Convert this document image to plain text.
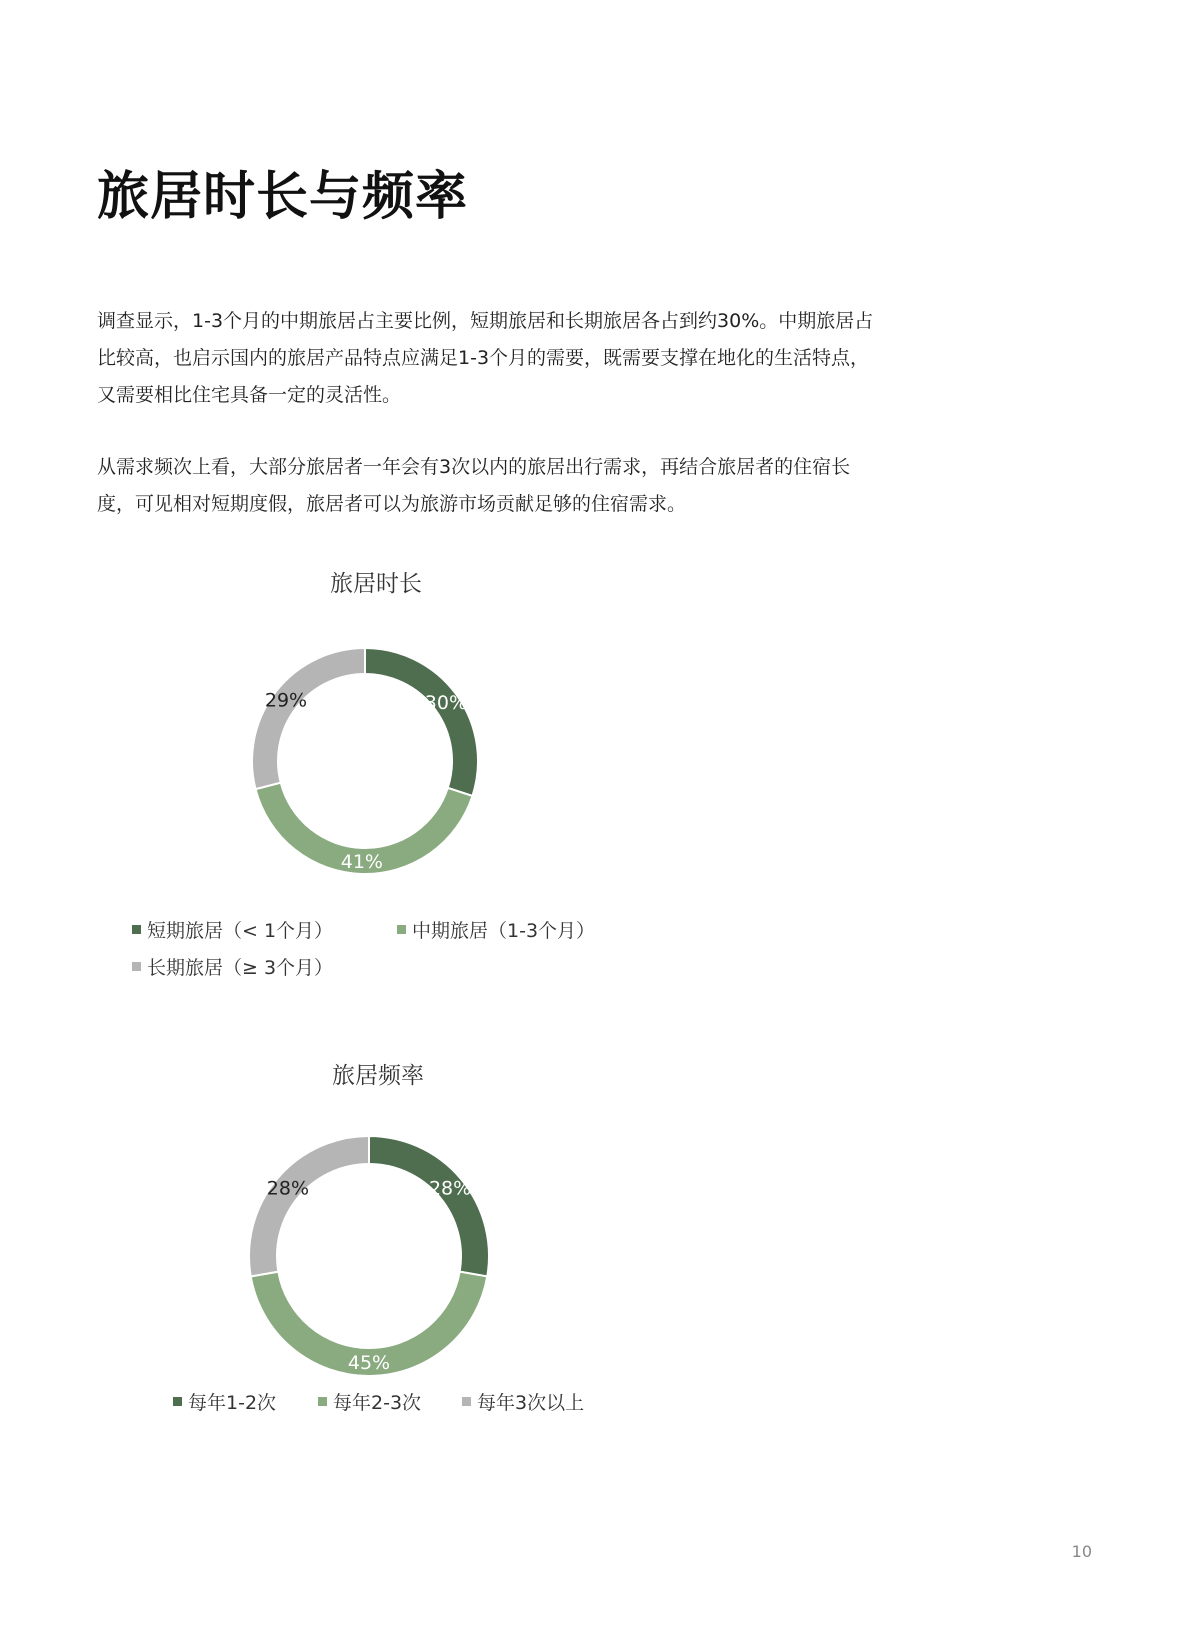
旅居时长与频率

调查显示，1-3个月的中期旅居占主要比例，短期旅居和长期旅居各占到约30%。中期旅居占比较高，也启示国内的旅居产品特点应满足1-3个月的需要，既需要支撑在地化的生活特点，又需要相比住宅具备一定的灵活性。

从需求频次上看，大部分旅居者一年会有3次以内的旅居出行需求，再结合旅居者的住宿长度，可见相对短期度假，旅居者可以为旅游市场贡献足够的住宿需求。

旅居时长
30%
41%
29%
短期旅居（< 1个月）	中期旅居（1-3个月）
长期旅居（≥ 3个月）
旅居频率
28%
45%
28%
每年1-2次	每年2-3次	每年3次以上
10
